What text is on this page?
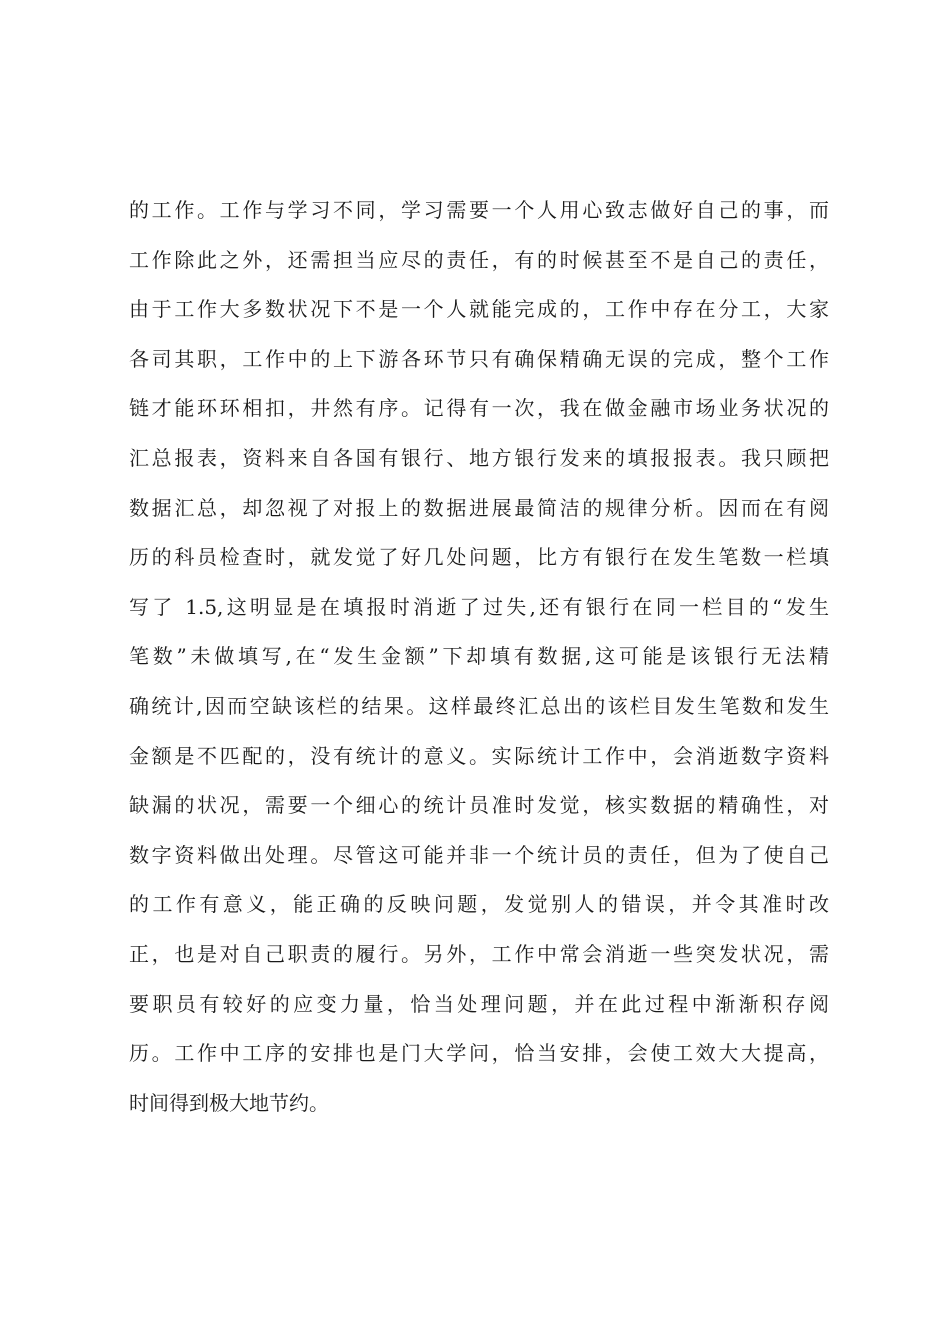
的工作。工作与学习不同，学习需要一个人用心致志做好自己的事，而
工作除此之外，还需担当应尽的责任，有的时候甚至不是自己的责任，
由于工作大多数状况下不是一个人就能完成的，工作中存在分工，大家
各司其职，工作中的上下游各环节只有确保精确无误的完成，整个工作
链才能环环相扣，井然有序。记得有一次，我在做金融市场业务状况的
汇总报表，资料来自各国有银行、地方银行发来的填报报表。我只顾把
数据汇总，却忽视了对报上的数据进展最简洁的规律分析。因而在有阅
历的科员检查时，就发觉了好几处问题，比方有银行在发生笔数一栏填
写了 1.5,这明显是在填报时消逝了过失,还有银行在同一栏目的“发生
笔数”未做填写,在“发生金额”下却填有数据,这可能是该银行无法精
确统计,因而空缺该栏的结果。这样最终汇总出的该栏目发生笔数和发生
金额是不匹配的，没有统计的意义。实际统计工作中，会消逝数字资料
缺漏的状况，需要一个细心的统计员准时发觉，核实数据的精确性，对
数字资料做出处理。尽管这可能并非一个统计员的责任，但为了使自己
的工作有意义，能正确的反映问题，发觉别人的错误，并令其准时改
正，也是对自己职责的履行。另外，工作中常会消逝一些突发状况，需
要职员有较好的应变力量，恰当处理问题，并在此过程中渐渐积存阅
历。工作中工序的安排也是门大学问，恰当安排，会使工效大大提高，
时间得到极大地节约。
